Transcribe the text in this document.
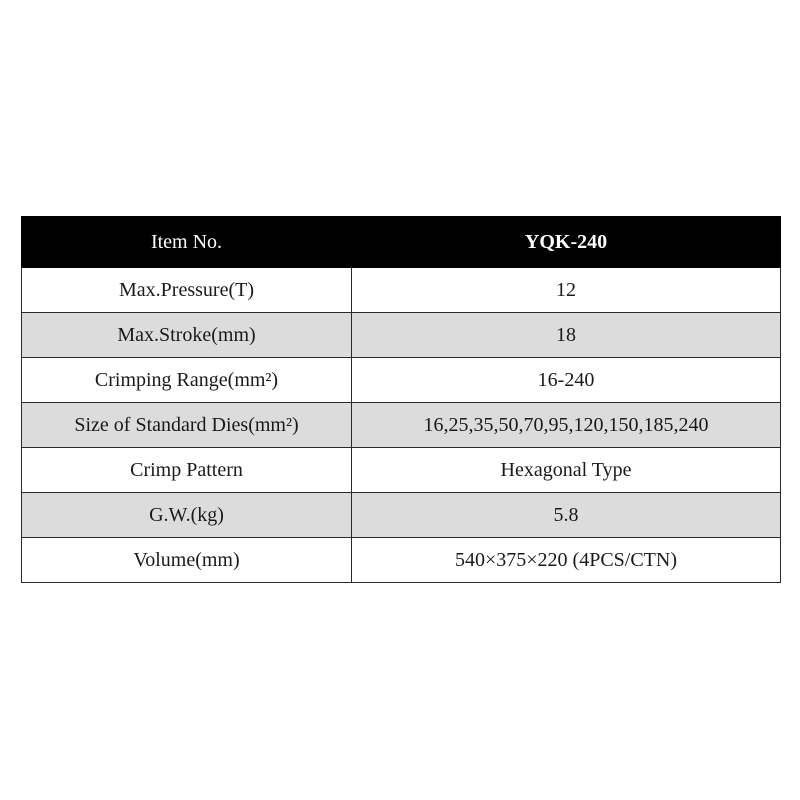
Item No.	YQK-240
Max.Pressure(T)	12
Max.Stroke(mm)	18
Crimping Range(mm²)	16-240
Size of Standard Dies(mm²)	16,25,35,50,70,95,120,150,185,240
Crimp Pattern	Hexagonal Type
G.W.(kg)	5.8
Volume(mm)	540×375×220 (4PCS/CTN)
